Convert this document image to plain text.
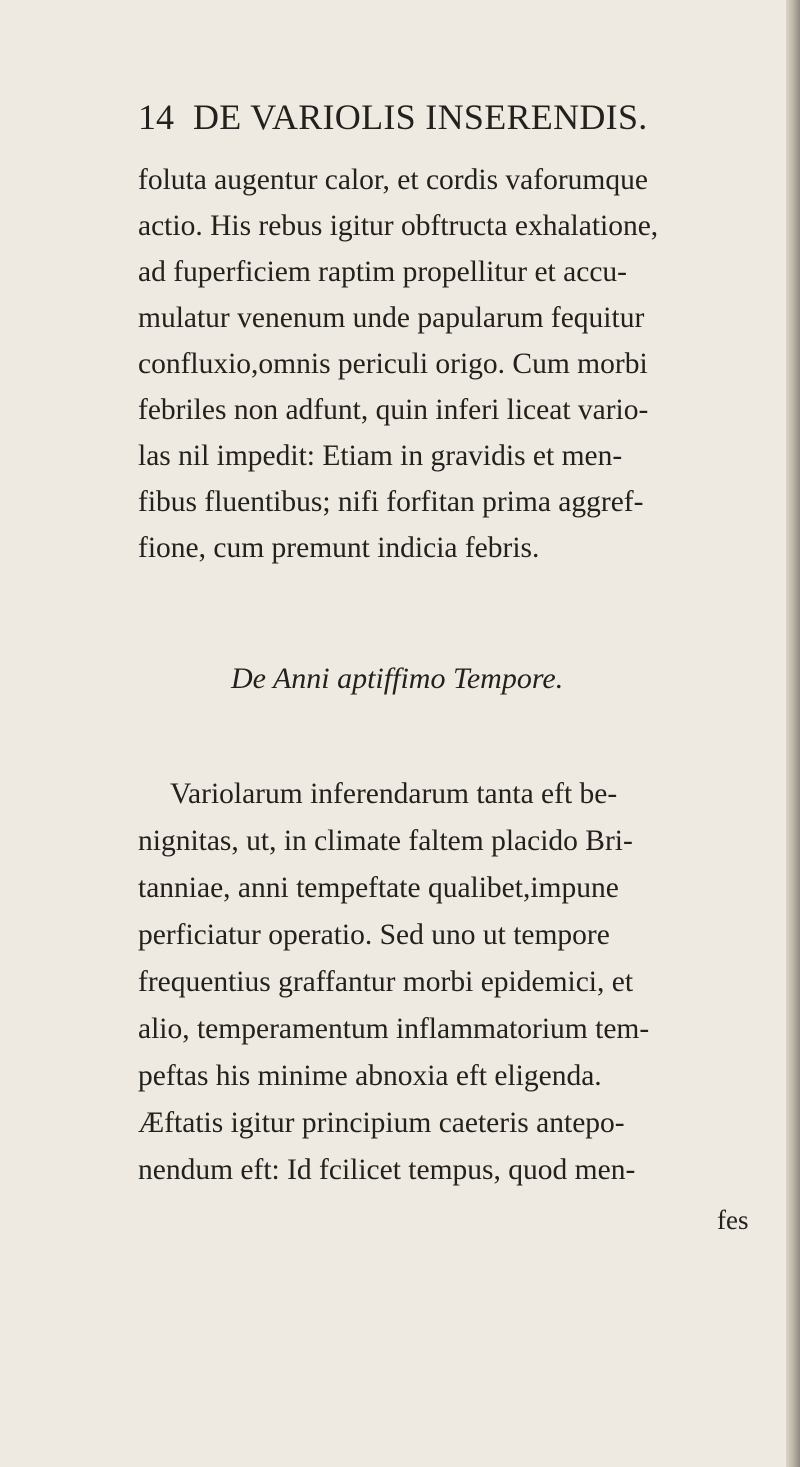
14 DE VARIOLIS INSERENDIS.
foluta augentur calor, et cordis vaforumque
actio. His rebus igitur obftructa exhalatione,
ad fuperficiem raptim propellitur et accu-
mulatur venenum unde papularum fequitur
confluxio,omnis periculi origo. Cum morbi
febriles non adfunt, quin inferi liceat vario-
las nil impedit: Etiam in gravidis et men-
fibus fluentibus; nifi forfitan prima aggref-
fione, cum premunt indicia febris.
De Anni aptiffimo Tempore.
Variolarum inferendarum tanta eft be-
nignitas, ut, in climate faltem placido Bri-
tanniae, anni tempeftate qualibet,impune
perficiatur operatio. Sed uno ut tempore
frequentius graffantur morbi epidemici, et
alio, temperamentum inflammatorium tem-
peftas his minime abnoxia eft eligenda.
Æftatis igitur principium caeteris antepo-
nendum eft: Id fcilicet tempus, quod men-
fes
